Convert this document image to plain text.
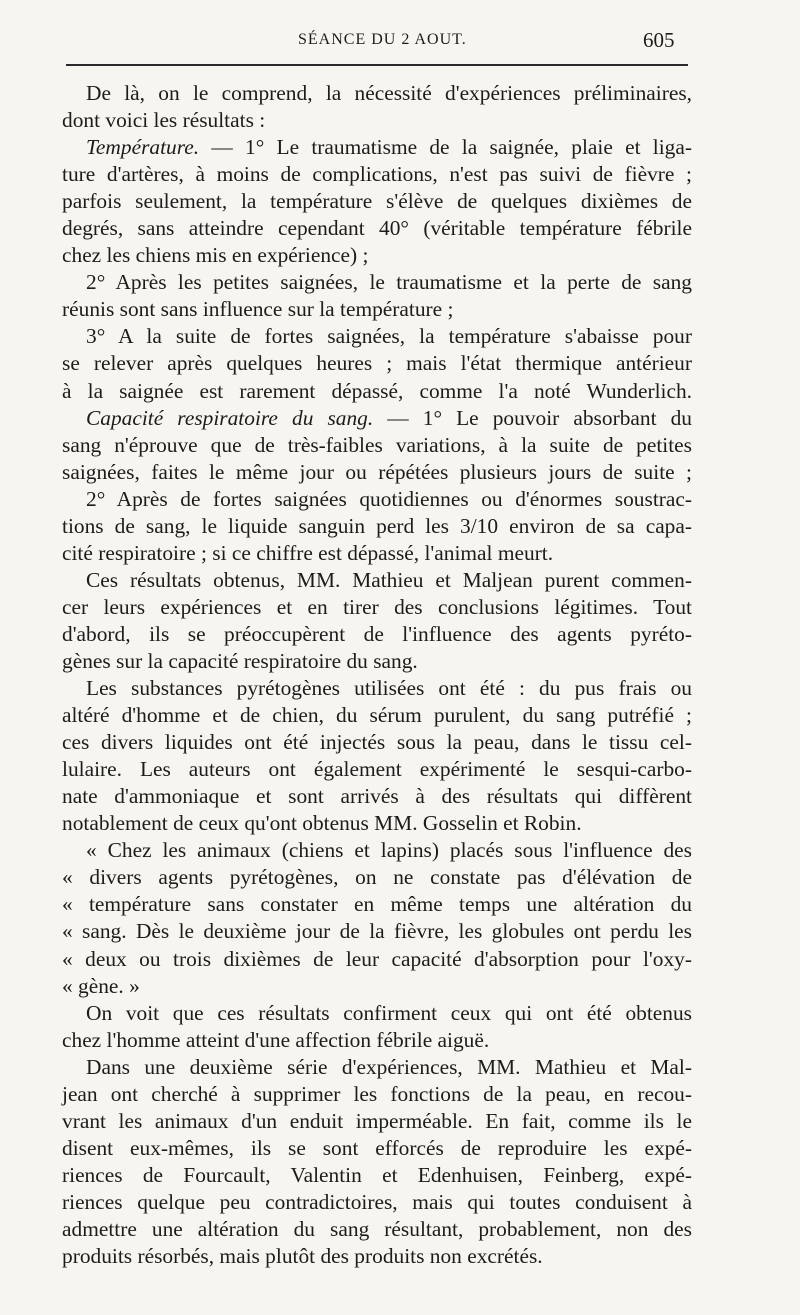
SÉANCE DU 2 AOUT.	605
De là, on le comprend, la nécessité d'expériences préliminaires,
dont voici les résultats :
Température. — 1° Le traumatisme de la saignée, plaie et liga-
ture d'artères, à moins de complications, n'est pas suivi de fièvre ;
parfois seulement, la température s'élève de quelques dixièmes de
degrés, sans atteindre cependant 40° (véritable température fébrile
chez les chiens mis en expérience) ;
2° Après les petites saignées, le traumatisme et la perte de sang
réunis sont sans influence sur la température ;
3° A la suite de fortes saignées, la température s'abaisse pour
se relever après quelques heures ; mais l'état thermique antérieur
à la saignée est rarement dépassé, comme l'a noté Wunderlich.
Capacité respiratoire du sang. — 1° Le pouvoir absorbant du
sang n'éprouve que de très-faibles variations, à la suite de petites
saignées, faites le même jour ou répétées plusieurs jours de suite ;
2° Après de fortes saignées quotidiennes ou d'énormes soustrac-
tions de sang, le liquide sanguin perd les 3/10 environ de sa capa-
cité respiratoire ; si ce chiffre est dépassé, l'animal meurt.
Ces résultats obtenus, MM. Mathieu et Maljean purent commen-
cer leurs expériences et en tirer des conclusions légitimes. Tout
d'abord, ils se préoccupèrent de l'influence des agents pyréto-
gènes sur la capacité respiratoire du sang.
Les substances pyrétogènes utilisées ont été : du pus frais ou
altéré d'homme et de chien, du sérum purulent, du sang putréfié ;
ces divers liquides ont été injectés sous la peau, dans le tissu cel-
lulaire. Les auteurs ont également expérimenté le sesqui-carbo-
nate d'ammoniaque et sont arrivés à des résultats qui diffèrent
notablement de ceux qu'ont obtenus MM. Gosselin et Robin.
« Chez les animaux (chiens et lapins) placés sous l'influence des
« divers agents pyrétogènes, on ne constate pas d'élévation de
« température sans constater en même temps une altération du
« sang. Dès le deuxième jour de la fièvre, les globules ont perdu les
« deux ou trois dixièmes de leur capacité d'absorption pour l'oxy-
« gène. »
On voit que ces résultats confirment ceux qui ont été obtenus
chez l'homme atteint d'une affection fébrile aiguë.
Dans une deuxième série d'expériences, MM. Mathieu et Mal-
jean ont cherché à supprimer les fonctions de la peau, en recou-
vrant les animaux d'un enduit imperméable. En fait, comme ils le
disent eux-mêmes, ils se sont efforcés de reproduire les expé-
riences de Fourcault, Valentin et Edenhuisen, Feinberg, expé-
riences quelque peu contradictoires, mais qui toutes conduisent à
admettre une altération du sang résultant, probablement, non des
produits résorbés, mais plutôt des produits non excrétés.
